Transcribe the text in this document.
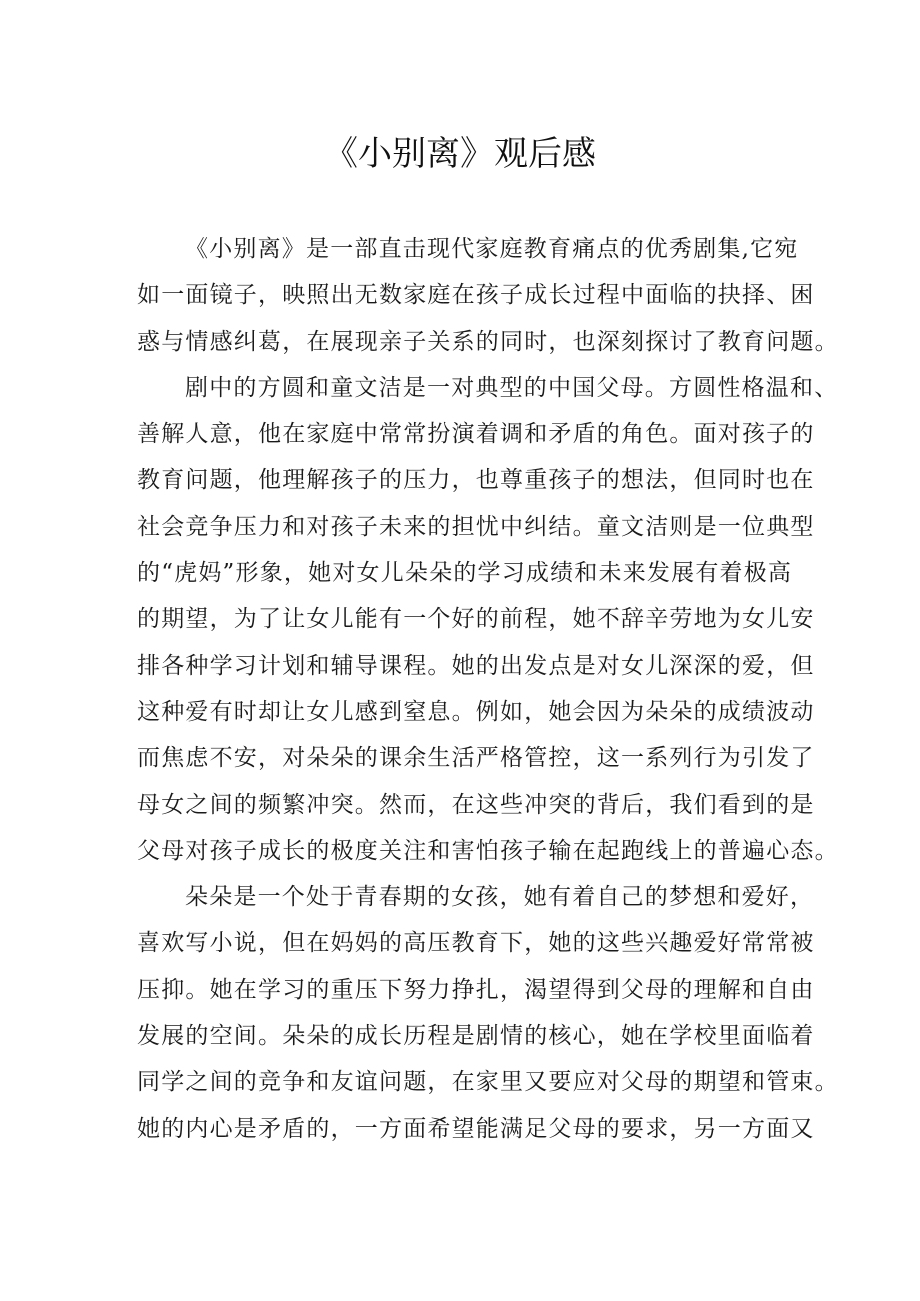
《小别离》观后感
《小别离》是一部直击现代家庭教育痛点的优秀剧集,它宛
如一面镜子，映照出无数家庭在孩子成长过程中面临的抉择、困
惑与情感纠葛，在展现亲子关系的同时，也深刻探讨了教育问题。
剧中的方圆和童文洁是一对典型的中国父母。方圆性格温和、
善解人意，他在家庭中常常扮演着调和矛盾的角色。面对孩子的
教育问题，他理解孩子的压力，也尊重孩子的想法，但同时也在
社会竞争压力和对孩子未来的担忧中纠结。童文洁则是一位典型
的“虎妈”形象，她对女儿朵朵的学习成绩和未来发展有着极高
的期望，为了让女儿能有一个好的前程，她不辞辛劳地为女儿安
排各种学习计划和辅导课程。她的出发点是对女儿深深的爱，但
这种爱有时却让女儿感到窒息。例如，她会因为朵朵的成绩波动
而焦虑不安，对朵朵的课余生活严格管控，这一系列行为引发了
母女之间的频繁冲突。然而，在这些冲突的背后，我们看到的是
父母对孩子成长的极度关注和害怕孩子输在起跑线上的普遍心态。
朵朵是一个处于青春期的女孩，她有着自己的梦想和爱好，
喜欢写小说，但在妈妈的高压教育下，她的这些兴趣爱好常常被
压抑。她在学习的重压下努力挣扎，渴望得到父母的理解和自由
发展的空间。朵朵的成长历程是剧情的核心，她在学校里面临着
同学之间的竞争和友谊问题，在家里又要应对父母的期望和管束。
她的内心是矛盾的，一方面希望能满足父母的要求，另一方面又
